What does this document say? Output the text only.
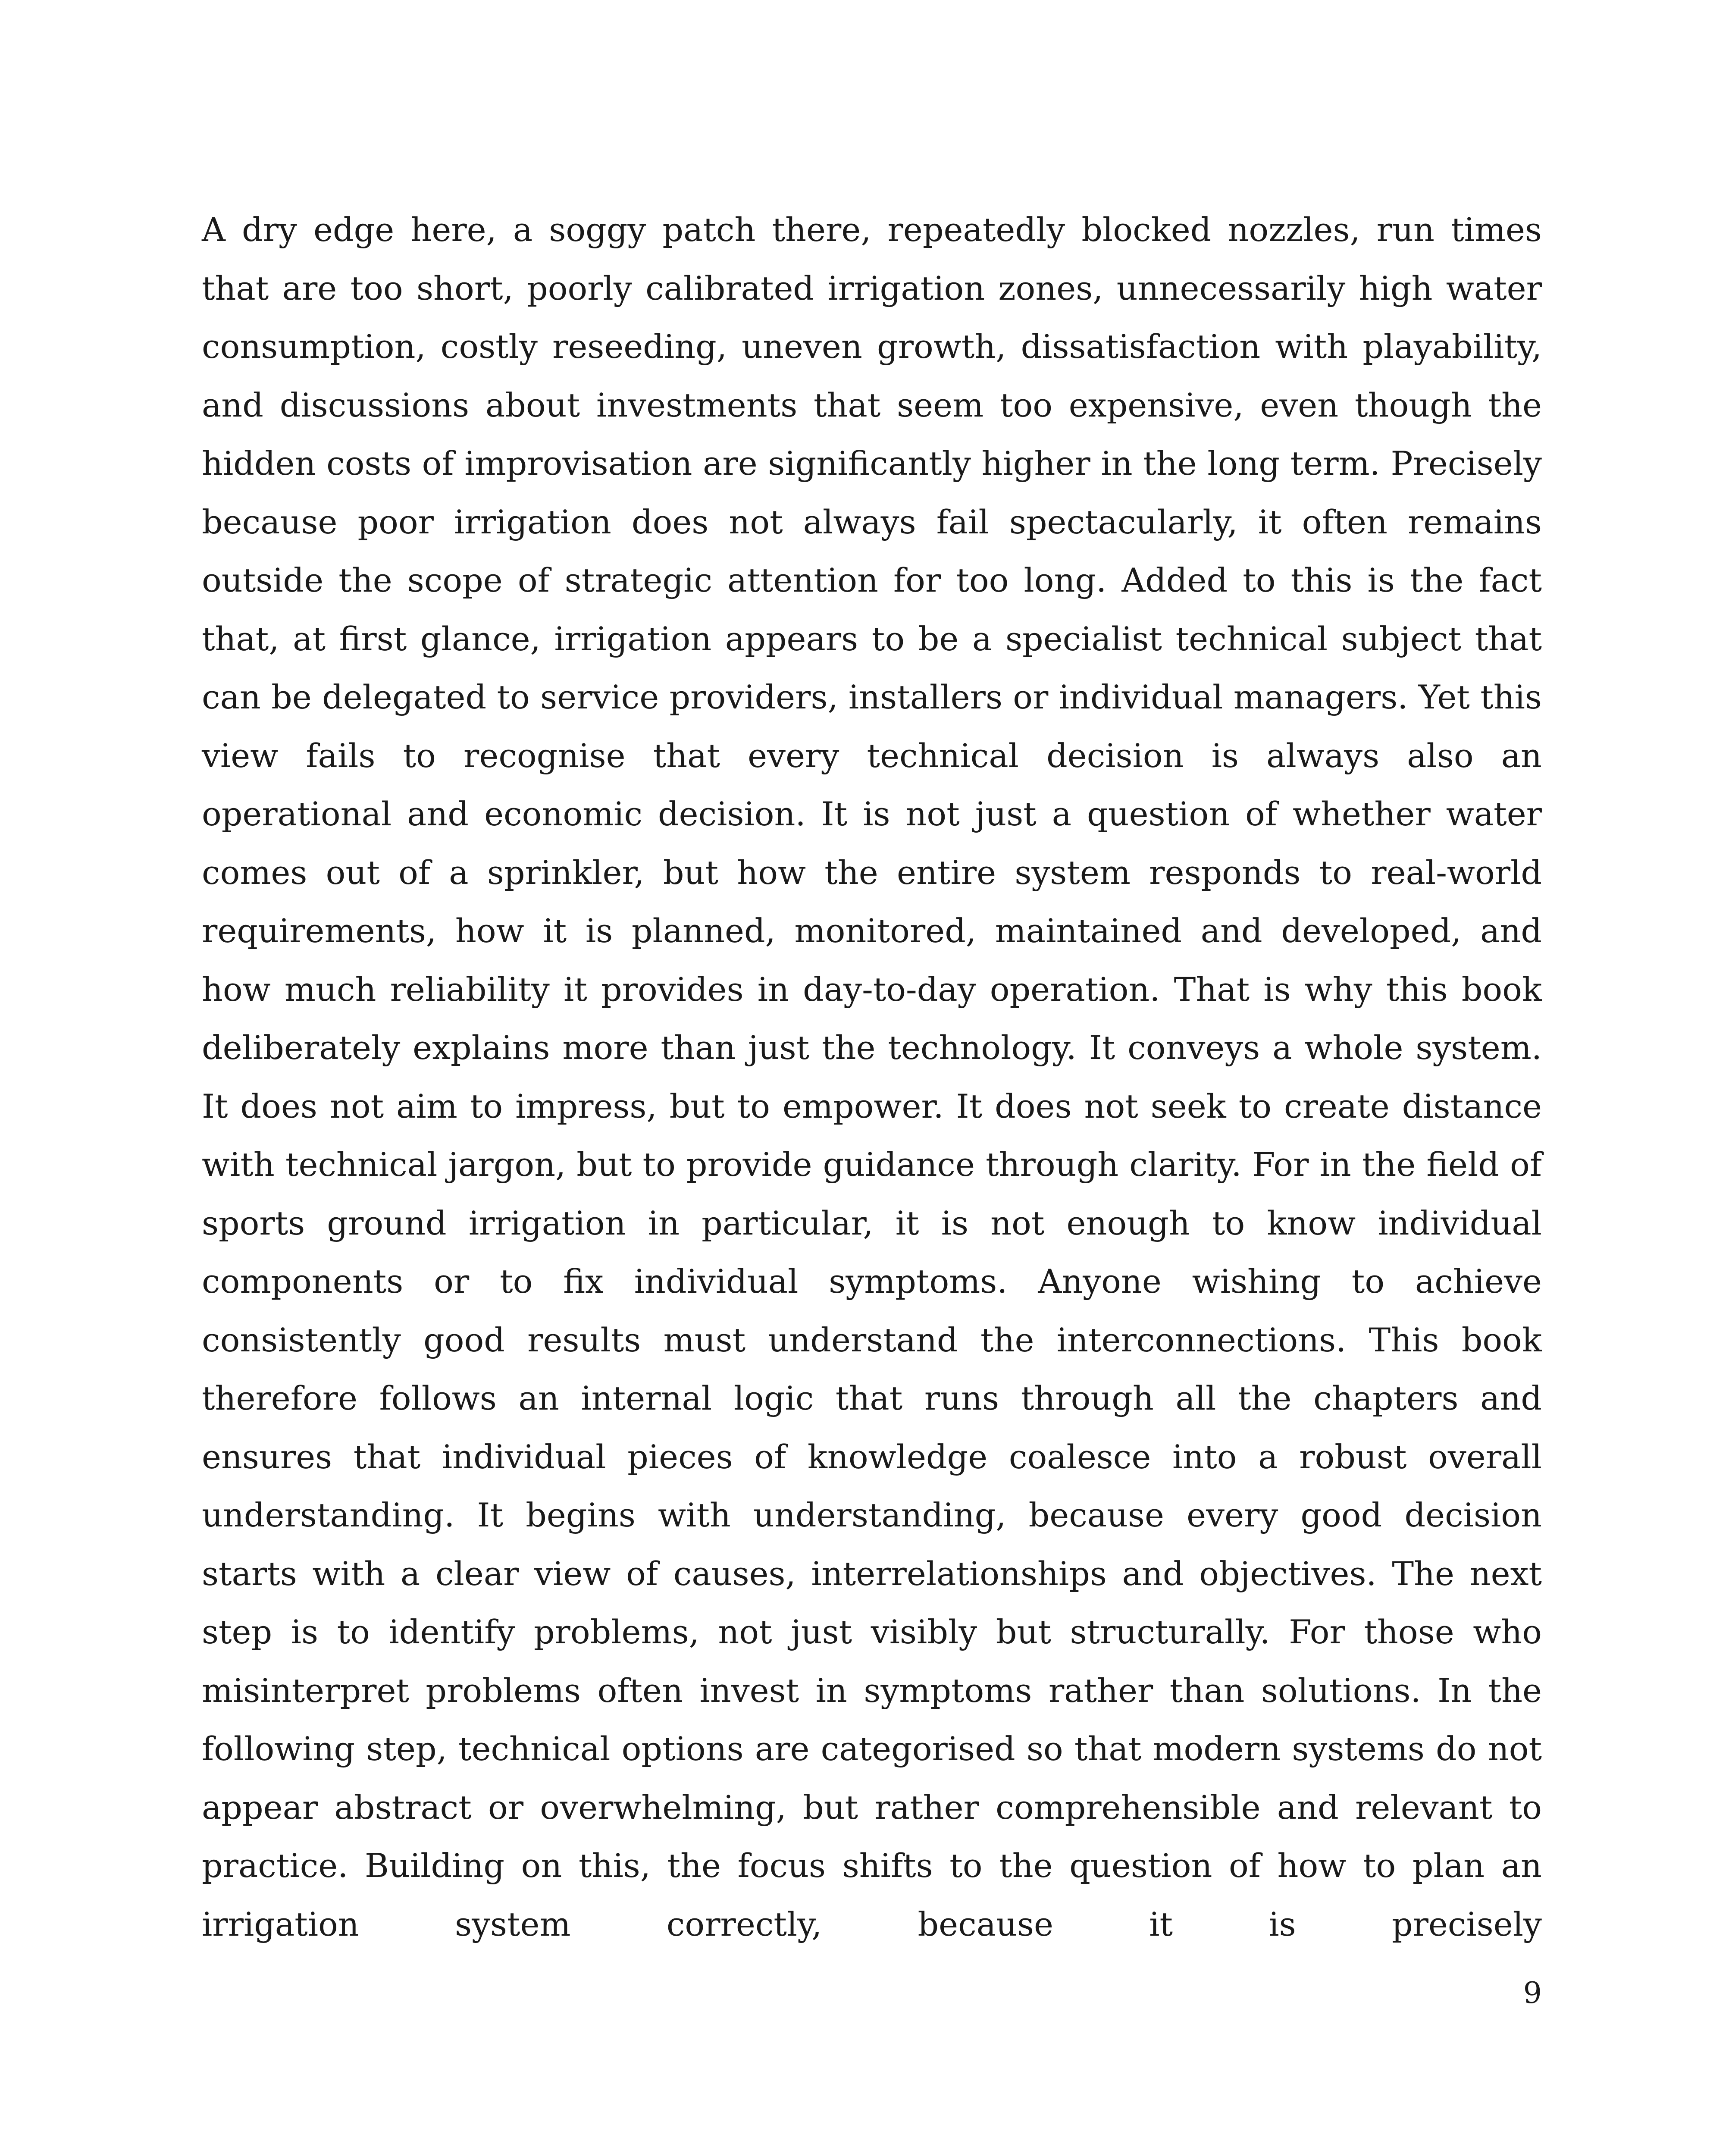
A dry edge here, a soggy patch there, repeatedly blocked nozzles, run times that are too short, poorly calibrated irrigation zones, unnecessarily high water consumption, costly reseeding, uneven growth, dissatisfaction with playability, and discussions about investments that seem too expensive, even though the hidden costs of improvisation are significantly higher in the long term. Precisely because poor irrigation does not always fail spectacularly, it often remains outside the scope of strategic attention for too long. Added to this is the fact that, at first glance, irrigation appears to be a specialist technical subject that can be delegated to service providers, installers or individual managers. Yet this view fails to recognise that every technical decision is always also an operational and economic decision. It is not just a question of whether water comes out of a sprinkler, but how the entire system responds to real-world requirements, how it is planned, monitored, maintained and developed, and how much reliability it provides in day-to-day operation. That is why this book deliberately explains more than just the technology. It conveys a whole system. It does not aim to impress, but to empower. It does not seek to create distance with technical jargon, but to provide guidance through clarity. For in the field of sports ground irrigation in particular, it is not enough to know individual components or to fix individual symptoms. Anyone wishing to achieve consistently good results must understand the interconnections. This book therefore follows an internal logic that runs through all the chapters and ensures that individual pieces of knowledge coalesce into a robust overall understanding. It begins with understanding, because every good decision starts with a clear view of causes, interrelationships and objectives. The next step is to identify problems, not just visibly but structurally. For those who misinterpret problems often invest in symptoms rather than solutions. In the following step, technical options are categorised so that modern systems do not appear abstract or overwhelming, but rather comprehensible and relevant to practice. Building on this, the focus shifts to the question of how to plan an irrigation system correctly, because it is precisely

9
